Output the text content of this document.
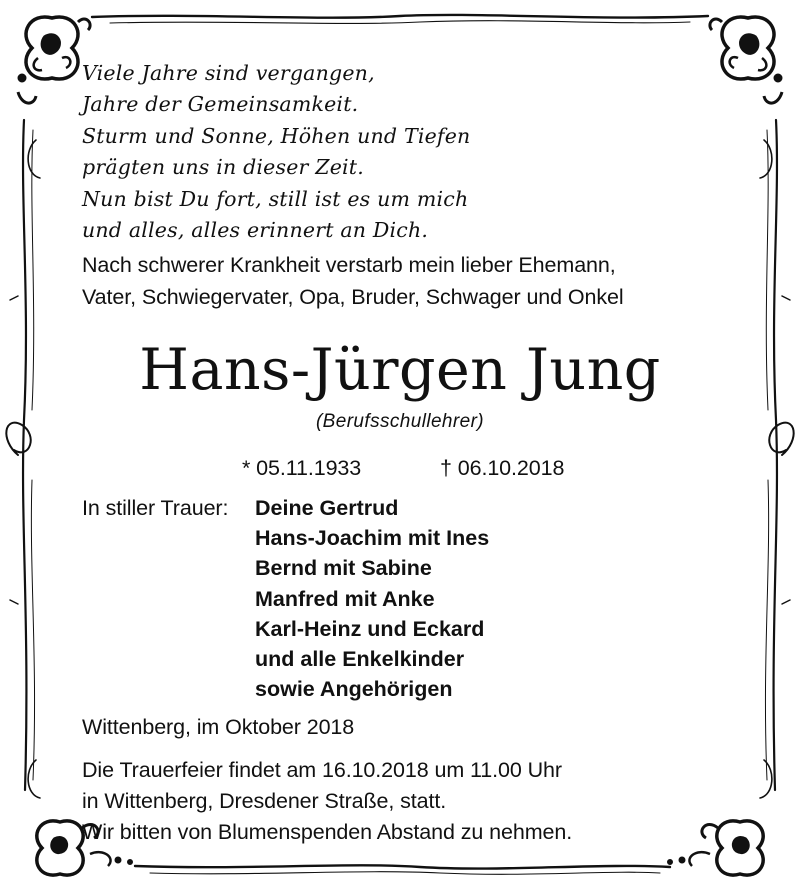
Viele Jahre sind vergangen,
Jahre der Gemeinsamkeit.
Sturm und Sonne, Höhen und Tiefen
prägten uns in dieser Zeit.
Nun bist Du fort, still ist es um mich
und alles, alles erinnert an Dich.
Nach schwerer Krankheit verstarb mein lieber Ehemann,
Vater, Schwiegervater, Opa, Bruder, Schwager und Onkel
Hans-Jürgen Jung
(Berufsschullehrer)
* 05.11.1933	† 06.10.2018
In stiller Trauer: Deine Gertrud
Hans-Joachim mit Ines
Bernd mit Sabine
Manfred mit Anke
Karl-Heinz und Eckard
und alle Enkelkinder
sowie Angehörigen
Wittenberg, im Oktober 2018
Die Trauerfeier findet am 16.10.2018 um 11.00 Uhr
in Wittenberg, Dresdener Straße, statt.
Wir bitten von Blumenspenden Abstand zu nehmen.
